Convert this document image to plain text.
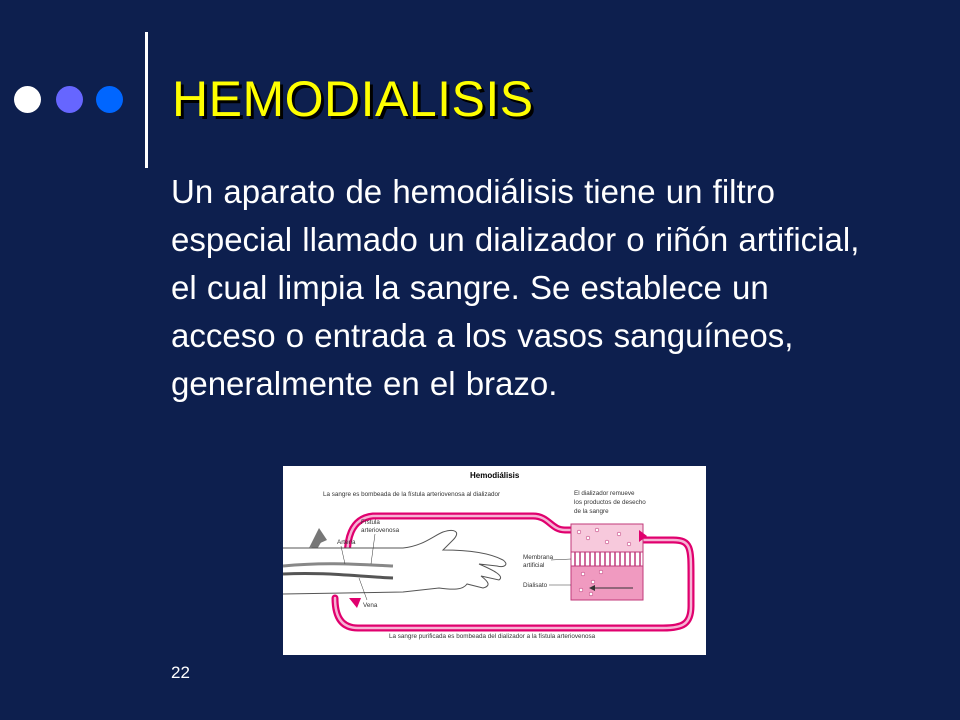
HEMODIALISIS
Un aparato de hemodiálisis tiene un filtro especial llamado un dializador o riñón artificial, el cual limpia la sangre. Se establece un acceso o entrada a los vasos sanguíneos, generalmente en el brazo.
Hemodiálisis
La sangre es bombeada de la fístula arteriovenosa al dializador	El dializador remueve
los productos de desecho
de la sangre
Fístula
arteriovenosa
Arteria
Vena
Membrana
artificial
Dialisato
La sangre purificada es bombeada del dializador a la fístula arteriovenosa
22
